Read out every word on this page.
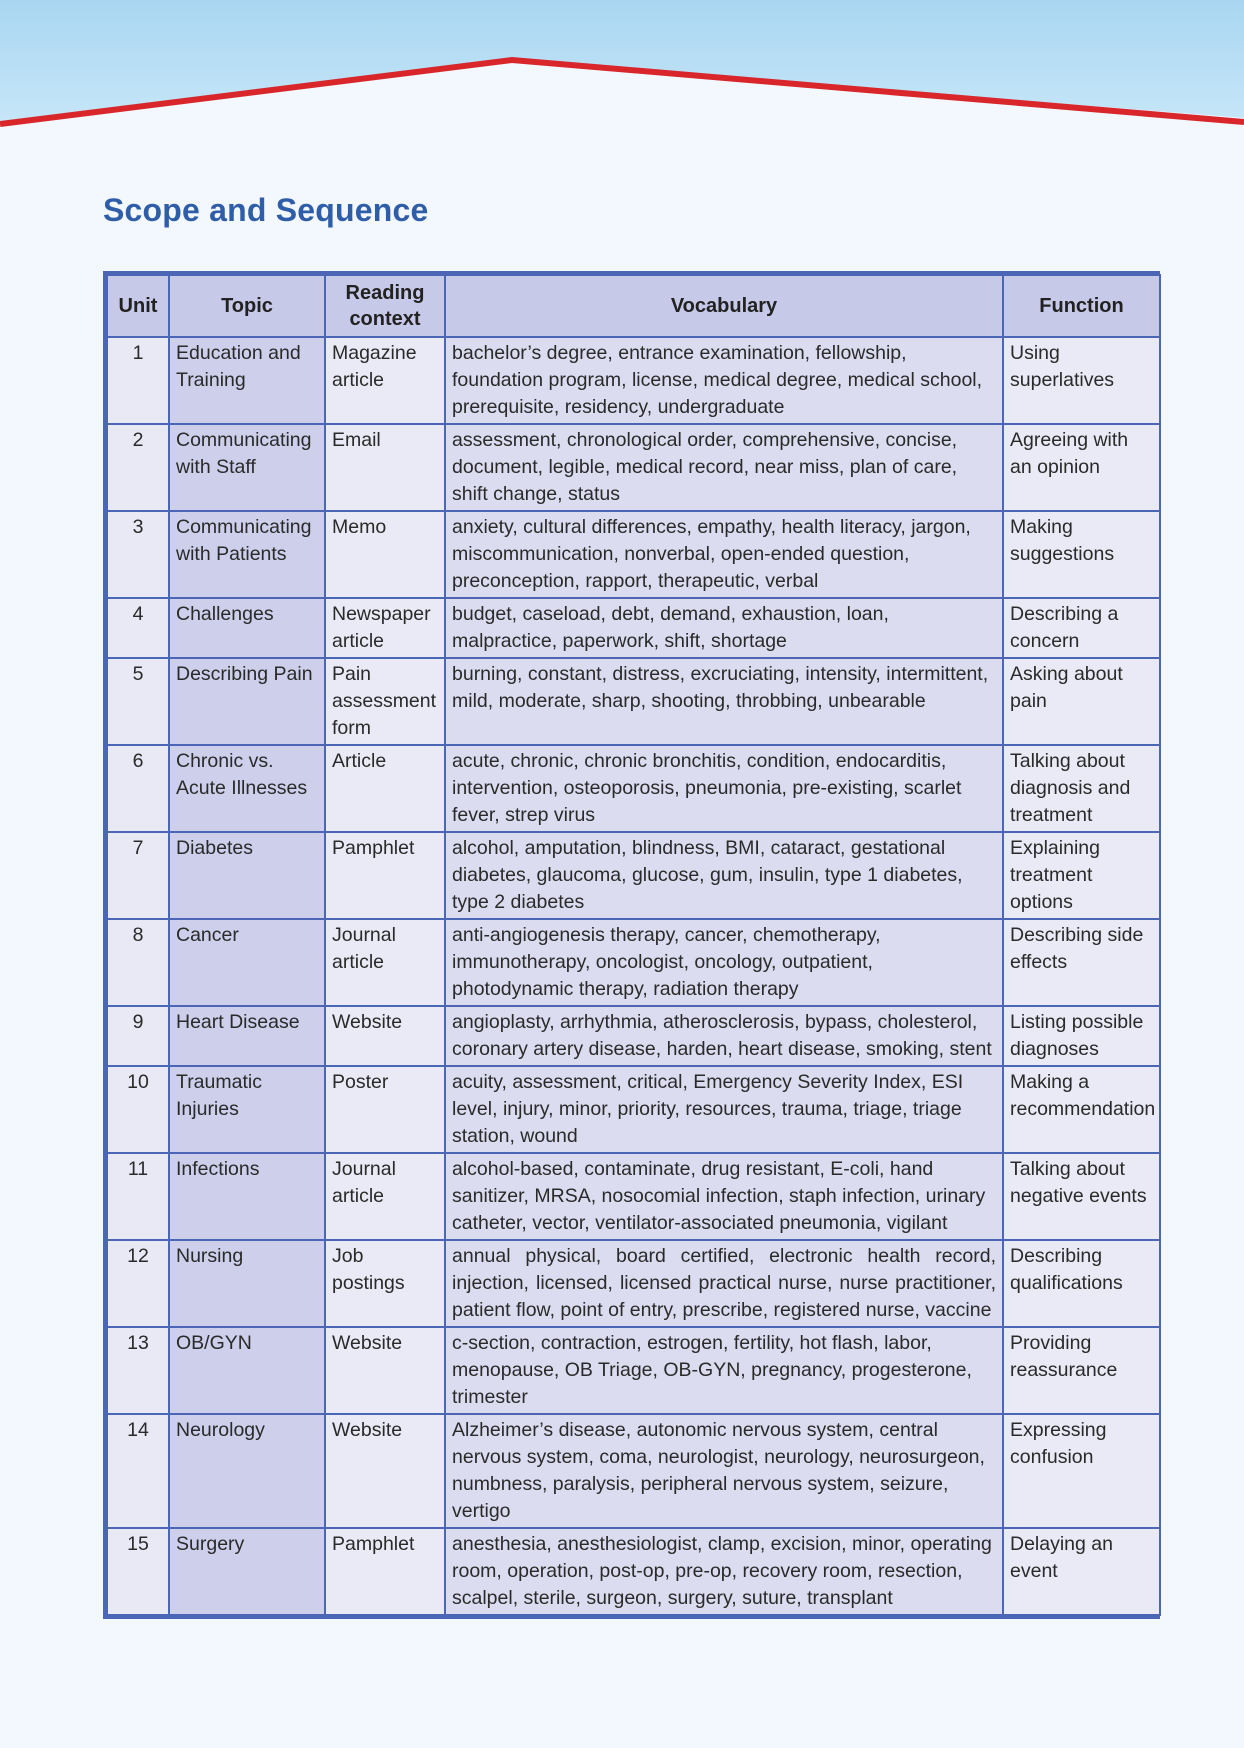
Scope and Sequence
Unit	Topic	Reading context	Vocabulary	Function
1	Education and Training	Magazine article	bachelor’s degree, entrance examination, fellowship, foundation program, license, medical degree, medical school, prerequisite, residency, undergraduate	Using superlatives
2	Communicating with Staff	Email	assessment, chronological order, comprehensive, concise, document, legible, medical record, near miss, plan of care, shift change, status	Agreeing with an opinion
3	Communicating with Patients	Memo	anxiety, cultural differences, empathy, health literacy, jargon, miscommunication, nonverbal, open-ended question, preconception, rapport, therapeutic, verbal	Making suggestions
4	Challenges	Newspaper article	budget, caseload, debt, demand, exhaustion, loan, malpractice, paperwork, shift, shortage	Describing a concern
5	Describing Pain	Pain assessment form	burning, constant, distress, excruciating, intensity, intermittent, mild, moderate, sharp, shooting, throbbing, unbearable	Asking about pain
6	Chronic vs. Acute Illnesses	Article	acute, chronic, chronic bronchitis, condition, endocarditis, intervention, osteoporosis, pneumonia, pre-existing, scarlet fever, strep virus	Talking about diagnosis and treatment
7	Diabetes	Pamphlet	alcohol, amputation, blindness, BMI, cataract, gestational diabetes, glaucoma, glucose, gum, insulin, type 1 diabetes, type 2 diabetes	Explaining treatment options
8	Cancer	Journal article	anti-angiogenesis therapy, cancer, chemotherapy, immunotherapy, oncologist, oncology, outpatient, photodynamic therapy, radiation therapy	Describing side effects
9	Heart Disease	Website	angioplasty, arrhythmia, atherosclerosis, bypass, cholesterol, coronary artery disease, harden, heart disease, smoking, stent	Listing possible diagnoses
10	Traumatic Injuries	Poster	acuity, assessment, critical, Emergency Severity Index, ESI level, injury, minor, priority, resources, trauma, triage, triage station, wound	Making a recommendation
11	Infections	Journal article	alcohol-based, contaminate, drug resistant, E-coli, hand sanitizer, MRSA, nosocomial infection, staph infection, urinary catheter, vector, ventilator-associated pneumonia, vigilant	Talking about negative events
12	Nursing	Job postings	annual physical, board certified, electronic health record, injection, licensed, licensed practical nurse, nurse practitioner, patient flow, point of entry, prescribe, registered nurse, vaccine	Describing qualifications
13	OB/GYN	Website	c-section, contraction, estrogen, fertility, hot flash, labor, menopause, OB Triage, OB-GYN, pregnancy, progesterone, trimester	Providing reassurance
14	Neurology	Website	Alzheimer’s disease, autonomic nervous system, central nervous system, coma, neurologist, neurology, neurosurgeon, numbness, paralysis, peripheral nervous system, seizure, vertigo	Expressing confusion
15	Surgery	Pamphlet	anesthesia, anesthesiologist, clamp, excision, minor, operating room, operation, post-op, pre-op, recovery room, resection, scalpel, sterile, surgeon, surgery, suture, transplant	Delaying an event
